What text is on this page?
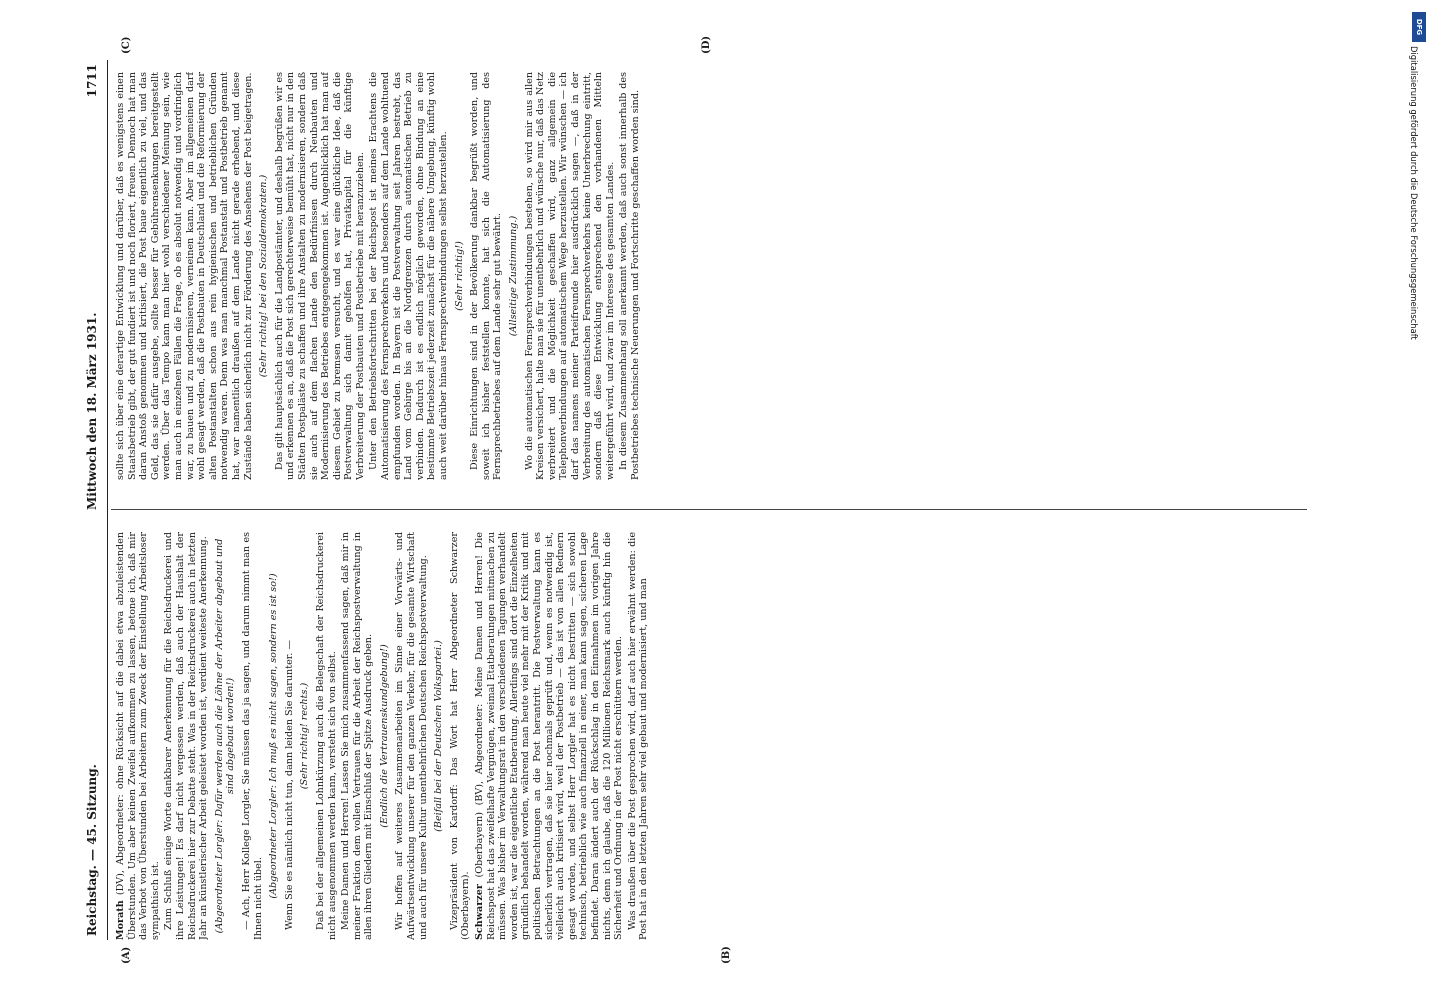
Reichstag. — 45. Sitzung.
Mittwoch den 18. März 1931.
1711
(A)	(B)
(C)	(D)

Morath (DV), Abgeordneter: ohne Rücksicht auf die dabei etwa abzuleistenden Überstunden. Um aber keinen Zweifel aufkommen zu lassen, betone ich, daß mir das Verbot von Überstunden bei Arbeitern zum Zweck der Einstellung Arbeitsloser sympathisch ist. Zum Schluß einige Worte dankbarer Anerkennung für die Reichsdruckerei und ihre Leistungen! Es darf nicht vergessen werden, daß auch der Haushalt der Reichsdruckerei hier zur Debatte steht. Was in der Reichsdruckerei auch in letzten Jahr an künstlerischer Arbeit geleistet worden ist, verdient weiteste Anerkennung. (Abgeordneter Lorgler: Dafür werden auch die Löhne der Arbeiter abgebaut und sind abgebaut worden!) — Ach, Herr Kollege Lorgler, Sie müssen das ja sagen, und darum nimmt man es Ihnen nicht übel. (Abgeordneter Lorgler: Ich muß es nicht sagen, sondern es ist so!) Wenn Sie es nämlich nicht tun, dann leiden Sie darunter. — (Sehr richtig! rechts.) Daß bei der allgemeinen Lohnkürzung auch die Belegschaft der Reichsdruckerei nicht ausgenommen werden kann, versteht sich von selbst. Meine Damen und Herren! Lassen Sie mich zusammenfassend sagen, daß mir in meiner Fraktion dem vollen Vertrauen für die Arbeit der Reichspostverwaltung in allen ihren Gliedern mit Einschluß der Spitze Ausdruck geben. (Endlich die Vertrauenskundgebung!) Wir hoffen auf weiteres Zusammenarbeiten im Sinne einer Vorwärts- und Aufwärtsentwicklung unserer für den ganzen Verkehr, für die gesamte Wirtschaft und auch für unsere Kultur unentbehrlichen Deutschen Reichspostverwaltung. (Beifall bei der Deutschen Volkspartei.) Vizepräsident von Kardorff: Das Wort hat Herr Abgeordneter Schwarzer (Oberbayern). Schwarzer (Oberbayern) (BV), Abgeordneter: Meine Damen und Herren! Die Reichspost hat das zweifelhafte Vergnügen, zweimal Etatberatungen mitmachen zu müssen. Was bisher im Verwaltungsrat in den verschiedenen Tagungen verhandelt worden ist, war die eigentliche Etatberatung. Allerdings sind dort die Einzelheiten gründlich behandelt worden, während man heute viel mehr mit der Kritik und mit politischen Betrachtungen an die Post herantritt. Die Postverwaltung kann es sicherlich vertragen, daß sie hier nochmals geprüft und, wenn es notwendig ist, vielleicht auch kritisiert wird, weil der Postbetrieb — das ist von allen Rednern gesagt worden, und selbst Herr Lorgler hat es nicht bestritten — sich sowohl technisch, betrieblich wie auch finanziell in einer, man kann sagen, sicheren Lage befindet. Daran ändert auch der Rückschlag in den Einnahmen im vorigen Jahre nichts, denn ich glaube, daß die 120 Millionen Reichsmark auch künftig hin die Sicherheit und Ordnung in der Post nicht erschüttern werden. Was draußen über die Post gesprochen wird, darf auch hier erwähnt werden: die Post hat in den letzten Jahren sehr viel gebaut und modernisiert, und man

sollte sich über eine derartige Entwicklung und darüber, daß es wenigstens einen Staatsbetrieb gibt, der gut fundiert ist und noch floriert, freuen. Dennoch hat man daran Anstoß genommen und kritisiert, die Post baue eigentlich zu viel, und das Geld, das sie dafür ausgebe, sollte besser für Gebührensenkungen bereitgestellt werden. Über das Tempo kann man hier wohl verschiedener Meinung sein, wie man auch in einzelnen Fällen die Frage, ob es absolut notwendig und vordringlich war, zu bauen und zu modernisieren, verneinen kann. Aber im allgemeinen darf wohl gesagt werden, daß die Postbauten in Deutschland und die Reformierung der alten Postanstalten schon aus rein hygienischen und betrieblichen Gründen notwendig waren. Denn was man manchmal Postanstalt und Postbetrieb genannt hat, war namentlich draußen auf dem Lande nicht gerade erhebend, und diese Zustände haben sicherlich nicht zur Förderung des Ansehens der Post beigetragen. (Sehr richtig! bei den Sozialdemokraten.) Das gilt hauptsächlich auch für die Landpostämter, und deshalb begrüßen wir es und erkennen es an, daß die Post sich gerechterweise bemüht hat, nicht nur in den Städten Postpaläste zu schaffen und ihre Anstalten zu modernisieren, sondern daß sie auch auf dem flachen Lande den Bedürfnissen durch Neubauten und Modernisierung des Betriebes entgegengekommen ist. Augenblicklich hat man auf diesem Gebiet zu bremsen versucht, und es war eine glückliche Idee, daß die Postverwaltung sich damit geholfen hat, Privatkapital für die künftige Verbreiterung der Postbauten und Postbetriebe mit heranzuziehen. Unter den Betriebsfortschritten bei der Reichspost ist meines Erachtens die Automatisierung des Fernsprechverkehrs und besonders auf dem Lande wohltuend empfunden worden. In Bayern ist die Postverwaltung seit Jahren bestrebt, das Land vom Gebirge bis an die Nordgrenzen durch automatischen Betrieb zu verbinden. Dadurch ist es endlich möglich geworden, ohne Bindung an eine bestimmte Betriebszeit jederzeit zunächst für die nähere Umgebung, künftig wohl auch weit darüber hinaus Fernsprechverbindungen selbst herzustellen. (Sehr richtig!) Diese Einrichtungen sind in der Bevölkerung dankbar begrüßt worden, und soweit ich bisher feststellen konnte, hat sich die Automatisierung des Fernsprechbetriebes auf dem Lande sehr gut bewährt. (Allseitige Zustimmung.) Wo die automatischen Fernsprechverbindungen bestehen, so wird mir aus allen Kreisen versichert, halte man sie für unentbehrlich und wünsche nur, daß das Netz verbreitert und die Möglichkeit geschaffen wird, ganz allgemein die Telephonverbindungen auf automatischem Wege herzustellen. Wir wünschen — ich darf das namens meiner Parteifreunde hier ausdrücklich sagen —, daß in der Verbreitung des automatischen Fernsprechverkehrs keine Unterbrechung eintritt, sondern daß diese Entwicklung entsprechend den vorhandenen Mitteln weitergeführt wird, und zwar im Interesse des gesamten Landes. In diesem Zusammenhang soll anerkannt werden, daß auch sonst innerhalb des Postbetriebes technische Neuerungen und Fortschritte geschaffen worden sind.

DFG
Digitalisierung gefördert durch die Deutsche Forschungsgemeinschaft
